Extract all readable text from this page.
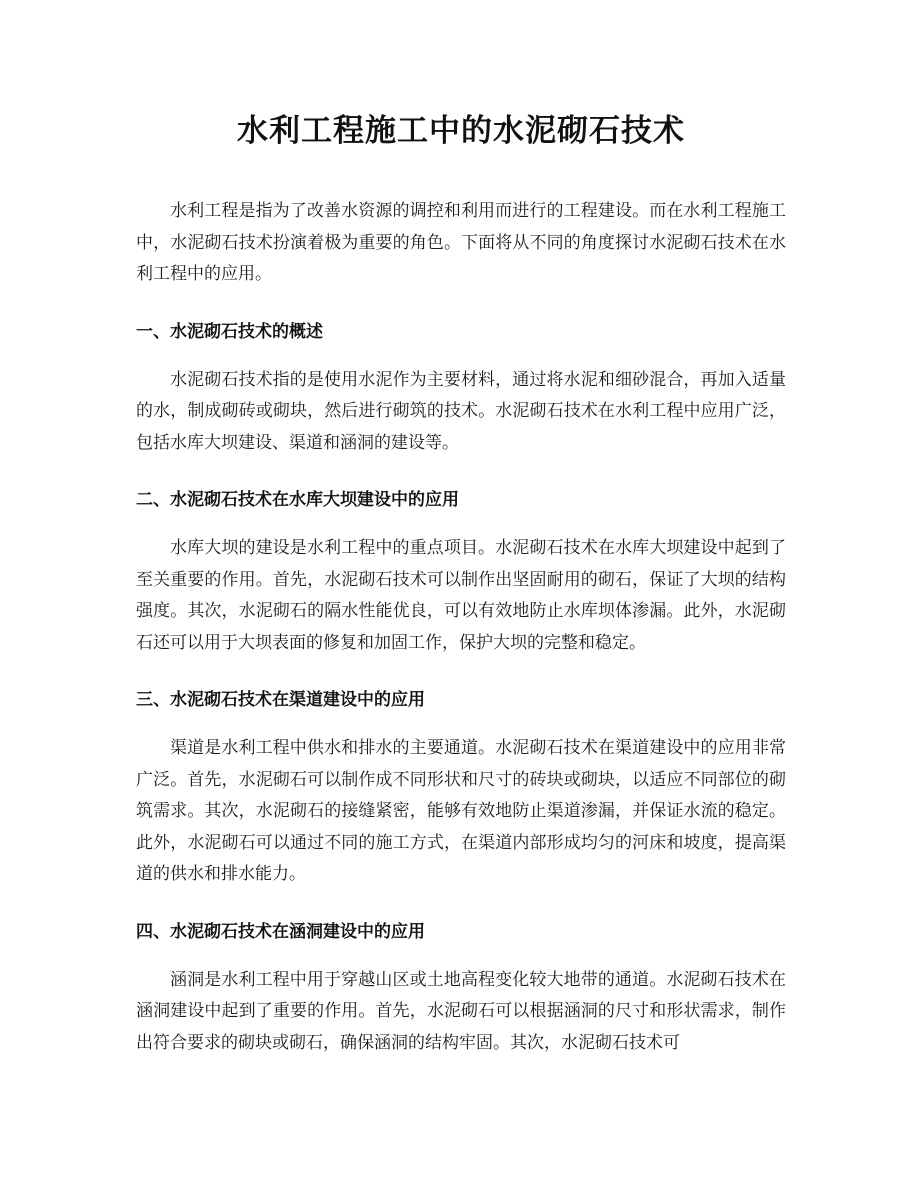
水利工程施工中的水泥砌石技术

水利工程是指为了改善水资源的调控和利用而进行的工程建设。而在水利工程施工中，水泥砌石技术扮演着极为重要的角色。下面将从不同的角度探讨水泥砌石技术在水利工程中的应用。

一、水泥砌石技术的概述

水泥砌石技术指的是使用水泥作为主要材料，通过将水泥和细砂混合，再加入适量的水，制成砌砖或砌块，然后进行砌筑的技术。水泥砌石技术在水利工程中应用广泛，包括水库大坝建设、渠道和涵洞的建设等。

二、水泥砌石技术在水库大坝建设中的应用

水库大坝的建设是水利工程中的重点项目。水泥砌石技术在水库大坝建设中起到了至关重要的作用。首先，水泥砌石技术可以制作出坚固耐用的砌石，保证了大坝的结构强度。其次，水泥砌石的隔水性能优良，可以有效地防止水库坝体渗漏。此外，水泥砌石还可以用于大坝表面的修复和加固工作，保护大坝的完整和稳定。

三、水泥砌石技术在渠道建设中的应用

渠道是水利工程中供水和排水的主要通道。水泥砌石技术在渠道建设中的应用非常广泛。首先，水泥砌石可以制作成不同形状和尺寸的砖块或砌块，以适应不同部位的砌筑需求。其次，水泥砌石的接缝紧密，能够有效地防止渠道渗漏，并保证水流的稳定。此外，水泥砌石可以通过不同的施工方式，在渠道内部形成均匀的河床和坡度，提高渠道的供水和排水能力。

四、水泥砌石技术在涵洞建设中的应用

涵洞是水利工程中用于穿越山区或土地高程变化较大地带的通道。水泥砌石技术在涵洞建设中起到了重要的作用。首先，水泥砌石可以根据涵洞的尺寸和形状需求，制作出符合要求的砌块或砌石，确保涵洞的结构牢固。其次，水泥砌石技术可
